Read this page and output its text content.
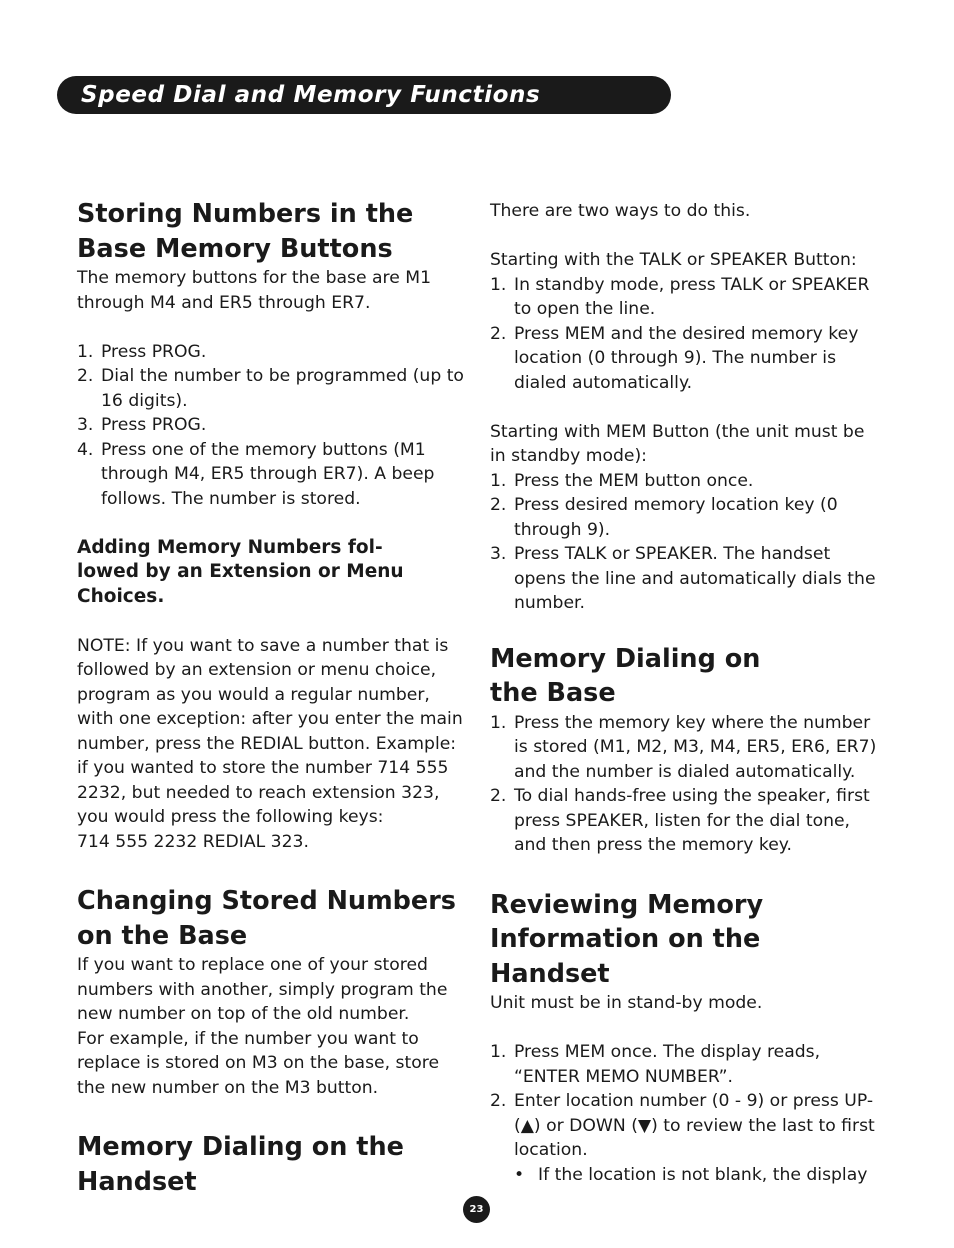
Speed Dial and Memory Functions
Storing Numbers in the Base Memory Buttons

The memory buttons for the base are M1 through M4 and ER5 through ER7.

1. Press PROG.
2. Dial the number to be programmed (up to 16 digits).
3. Press PROG.
4. Press one of the memory buttons (M1 through M4, ER5 through ER7). A beep follows. The number is stored.
Adding Memory Numbers fol-lowed by an Extension or Menu Choices.

NOTE: If you want to save a number that is followed by an extension or menu choice, program as you would a regular number, with one exception: after you enter the main number, press the REDIAL button. Example: if you wanted to store the number 714 555 2232, but needed to reach extension 323, you would press the following keys:

714 555 2232 REDIAL 323.

Changing Stored Numbers on the Base

If you want to replace one of your stored numbers with another, simply program the new number on top of the old number.

For example, if the number you want to replace is stored on M3 on the base, store the new number on the M3 button.

Memory Dialing on the Handset

There are two ways to do this.

Starting with the TALK or SPEAKER Button:

1. In standby mode, press TALK or SPEAKER to open the line.
2. Press MEM and the desired memory key location (0 through 9). The number is dialed automatically.

Starting with MEM Button (the unit must be in standby mode):

1. Press the MEM button once.
2. Press desired memory location key (0 through 9).
3. Press TALK or SPEAKER. The handset opens the line and automatically dials the number.
Memory Dialing on the Base
1. Press the memory key where the number is stored (M1, M2, M3, M4, ER5, ER6, ER7) and the number is dialed automatically.
2. To dial hands-free using the speaker, first press SPEAKER, listen for the dial tone, and then press the memory key.
Reviewing Memory Information on the Handset

Unit must be in stand-by mode.

1. Press MEM once. The display reads, “ENTER MEMO NUMBER”.
2. Enter location number (0 - 9) or press UP-(▲) or DOWN (▼) to review the last to first location.
• If the location is not blank, the display
23
